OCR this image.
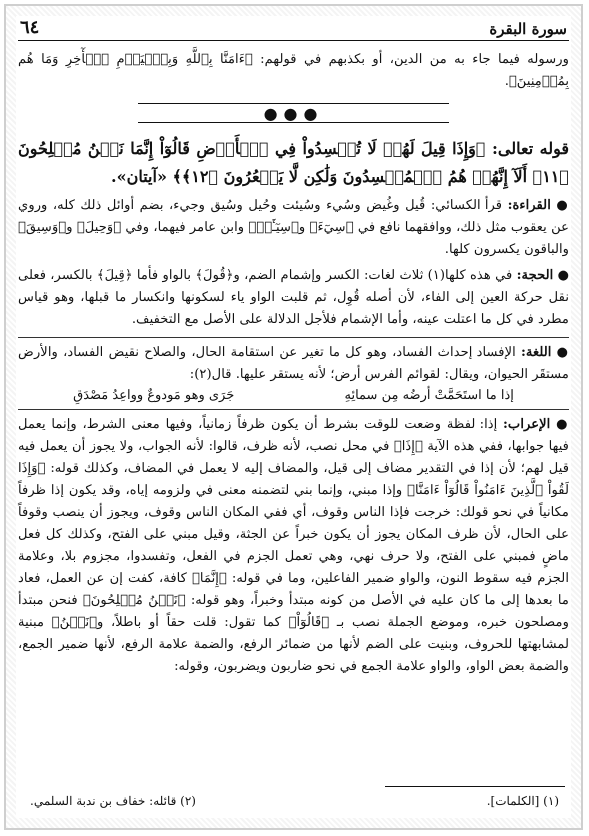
سورة البقرة
٦٤

ورسوله فيما جاء به من الدين، أو بكذبهم في قولهم: ﴿ءَامَنَّا بِٱللَّهِ وَبِٱلۡيَوۡمِ ٱلۡأٓخِرِ وَمَا هُم بِمُؤۡمِنِينَ﴾.

●●●

قوله تعالى: ﴿وَإِذَا قِيلَ لَهُمۡ لَا تُفۡسِدُواْ فِي ٱلۡأَرۡضِ قَالُوٓاْ إِنَّمَا نَحۡنُ مُصۡلِحُونَ ﴿١١﴾ أَلَآ إِنَّهُمۡ هُمُ ٱلۡمُفۡسِدُونَ وَلَٰكِن لَّا يَشۡعُرُونَ ﴿١٢﴾﴾ «آيتان».

● القراءة: قرأ الكسائي: قُيل وغُيض وسُيء وسُيئت وحُيل وسُيق وجيء، بضم أوائل ذلك كله، وروي عن يعقوب مثل ذلك، ووافقهما نافع في ﴿سِيٓءَ﴾ و﴿سِيٓـَٔتۡ﴾ وابن عامر فيهما، وفي ﴿وَحِيلَ﴾ و﴿وَسِيقَ﴾ والباقون يكسرون كلها.

● الحجة: في هذه كلها(١) ثلاث لغات: الكسر وإشمام الضم، و﴿قُولَ﴾ بالواو فأما ﴿قِيلَ﴾ بالكسر، فعلى نقل حركة العين إلى الفاء، لأن أصله قُوِل، ثم قلبت الواو ياء لسكونها وانكسار ما قبلها، وهو قياس مطرد في كل ما اعتلت عينه، وأما الإشمام فلأجل الدلالة على الأصل مع التخفيف.

● اللغة: الإفساد إحداث الفساد، وهو كل ما تغير عن استقامة الحال، والصلاح نقيض الفساد، والأرض مستقَر الحيوان، ويقال: لقوائم الفرس أرض؛ لأنه يستقر عليها. قال(٢):

إذا ما استَحَمَّتْ أرضُه مِن سمائِهِ
جَرَى وهو مَودوعٌ وواعِدُ مَصْدَقِ

● الإعراب: إذا: لفظة وضعت للوقت بشرط أن يكون ظرفاً زمانياً، وفيها معنى الشرط، وإنما يعمل فيها جوابها، ففي هذه الآية ﴿إِذَا﴾ في محل نصب، لأنه ظرف، قالوا: لأنه الجواب، ولا يجوز أن يعمل فيه قيل لهم؛ لأن إذا في التقدير مضاف إلى قيل، والمضاف إليه لا يعمل في المضاف، وكذلك قوله: ﴿وَإِذَا لَقُواْ ٱلَّذِينَ ءَامَنُواْ قَالُوٓاْ ءَامَنَّا﴾ وإذا مبني، وإنما بني لتضمنه معنى في ولزومه إياه، وقد يكون إذا ظرفاً مكانياً في نحو قولك: خرجت فإذا الناس وقوف، أي ففي المكان الناس وقوف، ويجوز أن ينصب وقوفاً على الحال، لأن ظرف المكان يجوز أن يكون خبراً عن الجثة، وقيل مبني على الفتح، وكذلك كل فعل ماضٍ فمبني على الفتح، ولا حرف نهي، وهي تعمل الجزم في الفعل، وتفسدوا، مجزوم بلا، وعلامة الجزم فيه سقوط النون، والواو ضمير الفاعلين، وما في قوله: ﴿إِنَّمَا﴾ كافة، كفت إن عن العمل، فعاد ما بعدها إلى ما كان عليه في الأصل من كونه مبتدأ وخبراً، وهو قوله: ﴿نَحۡنُ مُصۡلِحُونَ﴾ فنحن مبتدأ ومصلحون خبره، وموضع الجملة نصب بـ ﴿قَالُوٓاْ﴾ كما تقول: قلت حقاً أو باطلاً، و﴿نَحۡنُ﴾ مبنية لمشابهتها للحروف، وبنيت على الضم لأنها من ضمائر الرفع، والضمة علامة الرفع، لأنها ضمير الجمع، والضمة بعض الواو، والواو علامة الجمع في نحو ضاربون ويضربون، وقوله:

(١) [الكلمات].
(٢) قائله: خفاف بن ندبة السلمي.
